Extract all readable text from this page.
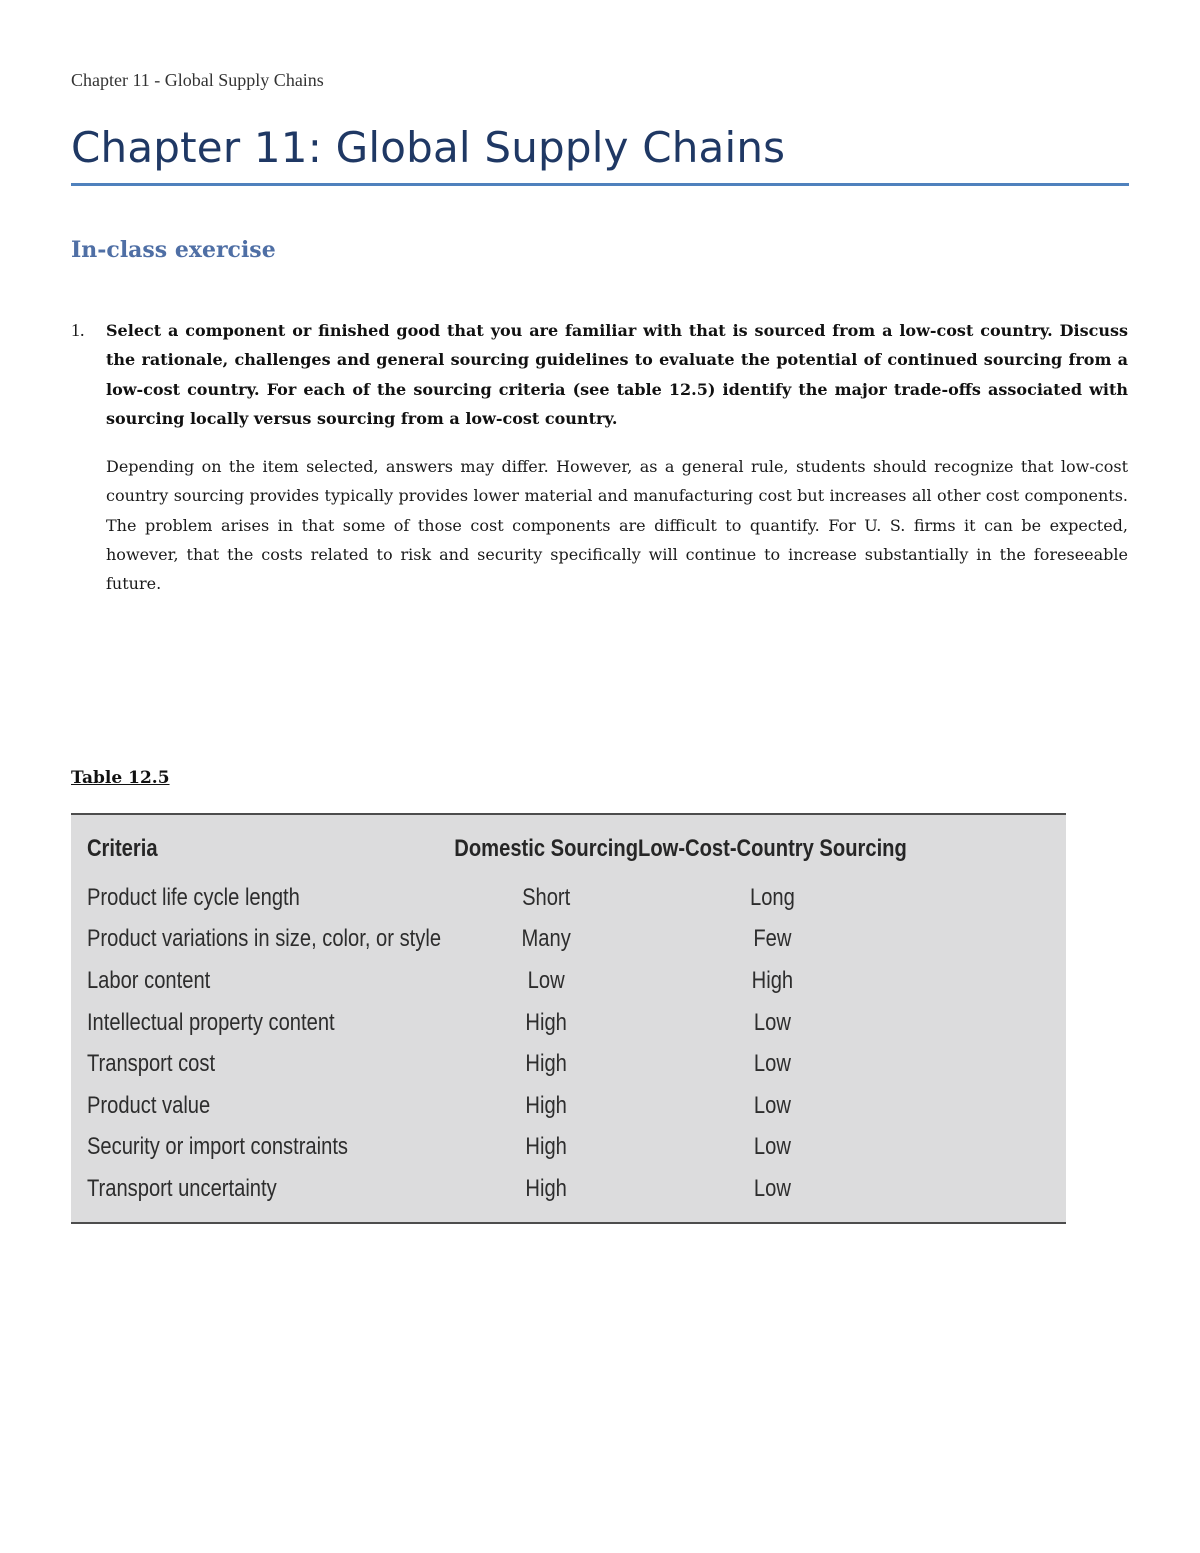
Chapter 11 - Global Supply Chains
Chapter 11: Global Supply Chains
In-class exercise
1. Select a component or finished good that you are familiar with that is sourced from a low-cost country. Discuss the rationale, challenges and general sourcing guidelines to evaluate the potential of continued sourcing from a low-cost country. For each of the sourcing criteria (see table 12.5) identify the major trade-offs associated with sourcing locally versus sourcing from a low-cost country.

Depending on the item selected, answers may differ. However, as a general rule, students should recognize that low-cost country sourcing provides typically provides lower material and manufacturing cost but increases all other cost components. The problem arises in that some of those cost components are difficult to quantify. For U. S. firms it can be expected, however, that the costs related to risk and security specifically will continue to increase substantially in the foreseeable future.

Table 12.5

Criteria	Domestic Sourcing	Low-Cost-Country Sourcing
Product life cycle length	Short	Long
Product variations in size, color, or style	Many	Few
Labor content	Low	High
Intellectual property content	High	Low
Transport cost	High	Low
Product value	High	Low
Security or import constraints	High	Low
Transport uncertainty	High	Low
